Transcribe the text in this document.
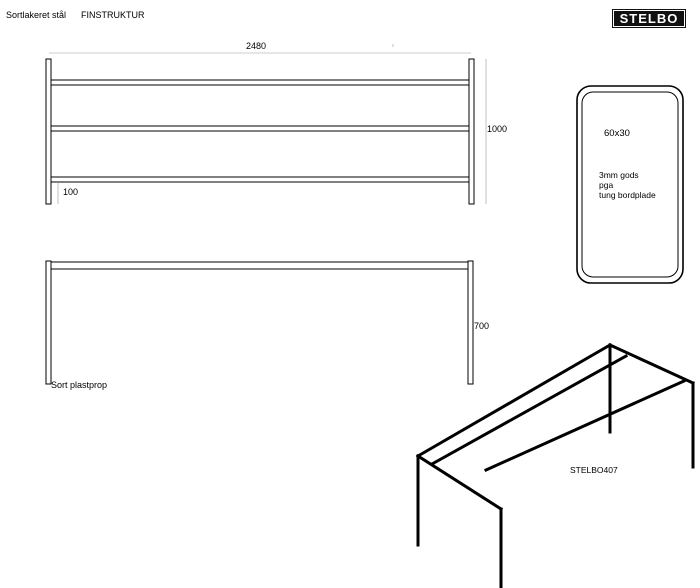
Sortlakeret stål FINSTRUKTUR	STELBO
2480
1000
100
700
Sort plastprop
60x30
3mm gods
pga
tung bordplade
STELBO407
